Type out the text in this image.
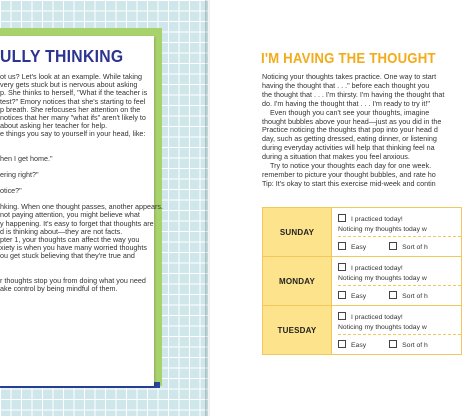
ULLY THINKING

ot us? Let's look at an example. While taking

very gets stuck but is nervous about asking

p. She thinks to herself, "What if the teacher is

test?" Emory notices that she's starting to feel

p breath. She refocuses her attention on the

notices that her many "what ifs" aren't likely to

about asking her teacher for help.

e things you say to yourself in your head, like:

hen I get home."

ering right?"

otice?"

hking. When one thought passes, another appears.

not paying attention, you might believe what

y happening. It's easy to forget that thoughts are

d is thinking about—they are not facts.

pter 1, your thoughts can affect the way you

xiety is when you have many worried thoughts

ou get stuck believing that they're true and

r thoughts stop you from doing what you need

ake control by being mindful of them.

I'M HAVING THE THOUGHT

Noticing your thoughts takes practice. One way to start

having the thought that . . ." before each thought you

the thought that . . . I'm thirsty. I'm having the thought that

do. I'm having the thought that . . . I'm ready to try it!"

Even though you can't see your thoughts, imagine

thought bubbles above your head—just as you did in the

Practice noticing the thoughts that pop into your head d

day, such as getting dressed, eating dinner, or listening

during everyday activities will help that thinking feel na

during a situation that makes you feel anxious.

Try to notice your thoughts each day for one week.

remember to picture your thought bubbles, and rate ho

Tip: It's okay to start this exercise mid-week and contin

SUNDAY	I practiced today!
Noticing my thoughts today w
Easy Sort of h

MONDAY	I practiced today!
Noticing my thoughts today w
Easy Sort of h

TUESDAY	I practiced today!
Noticing my thoughts today w
Easy Sort of h
